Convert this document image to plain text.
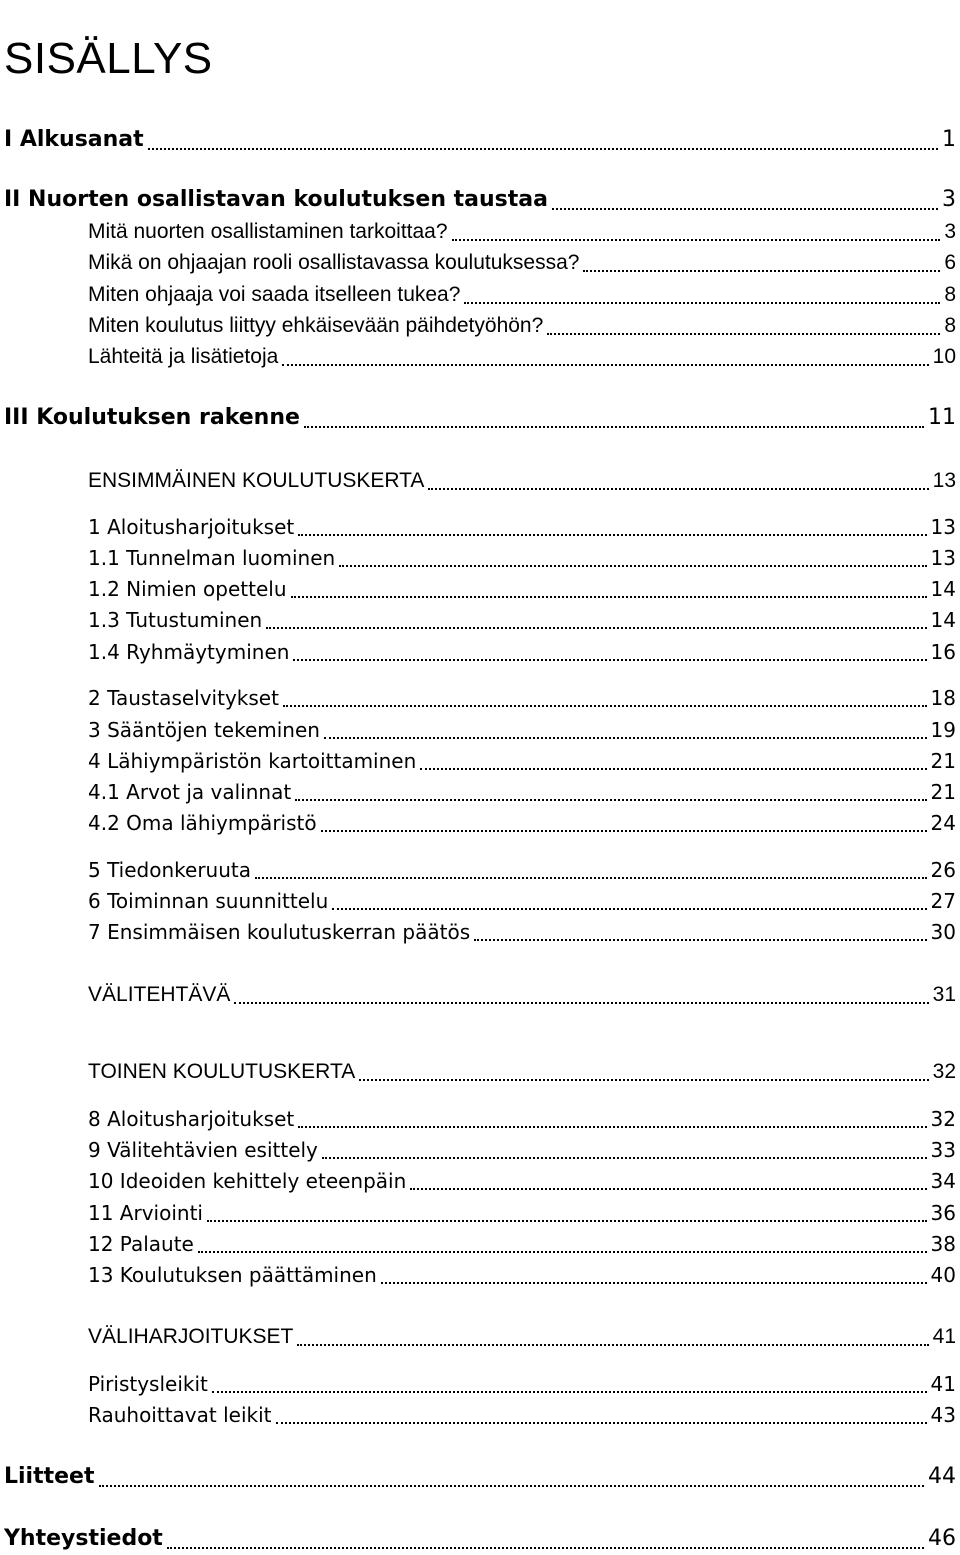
SISÄLLYS
I Alkusanat	1
II Nuorten osallistavan koulutuksen taustaa	3
Mitä nuorten osallistaminen tarkoittaa?	3
Mikä on ohjaajan rooli osallistavassa koulutuksessa?	6
Miten ohjaaja voi saada itselleen tukea?	8
Miten koulutus liittyy ehkäisevään päihdetyöhön?	8
Lähteitä ja lisätietoja	10
III Koulutuksen rakenne	11
ENSIMMÄINEN KOULUTUSKERTA	13
1 Aloitusharjoitukset	13
1.1 Tunnelman luominen	13
1.2 Nimien opettelu	14
1.3 Tutustuminen	14
1.4 Ryhmäytyminen	16
2 Taustaselvitykset	18
3 Sääntöjen tekeminen	19
4 Lähiympäristön kartoittaminen	21
4.1 Arvot ja valinnat	21
4.2 Oma lähiympäristö	24
5 Tiedonkeruuta	26
6 Toiminnan suunnittelu	27
7 Ensimmäisen koulutuskerran päätös	30
VÄLITEHTÄVÄ	31
TOINEN KOULUTUSKERTA	32
8 Aloitusharjoitukset	32
9 Välitehtävien esittely	33
10 Ideoiden kehittely eteenpäin	34
11 Arviointi	36
12 Palaute	38
13 Koulutuksen päättäminen	40
VÄLIHARJOITUKSET	41
Piristysleikit	41
Rauhoittavat leikit	43
Liitteet	44
Yhteystiedot	46
